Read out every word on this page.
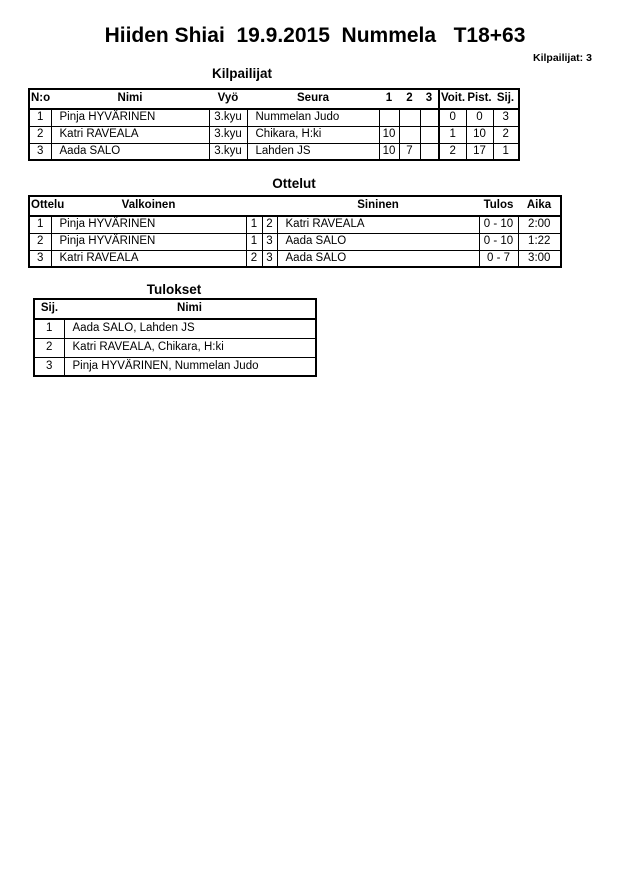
Hiiden Shiai  19.9.2015  Nummela   T18+63
Kilpailijat: 3
Kilpailijat
N:o	Nimi	Vyö	Seura	1	2	3	Voit.	Pist.	Sij.
1	Pinja HYVÄRINEN	3.kyu	Nummelan Judo				0	0	3
2	Katri RAVEALA	3.kyu	Chikara, H:ki	10			1	10	2
3	Aada SALO	3.kyu	Lahden JS	10	7		2	17	1
Ottelut
Ottelu	Valkoinen			Sininen	Tulos	Aika
1	Pinja HYVÄRINEN	1	2	Katri RAVEALA	0 - 10	2:00
2	Pinja HYVÄRINEN	1	3	Aada SALO	0 - 10	1:22
3	Katri RAVEALA	2	3	Aada SALO	0 - 7	3:00
Tulokset
Sij.	Nimi
1	Aada SALO, Lahden JS
2	Katri RAVEALA, Chikara, H:ki
3	Pinja HYVÄRINEN, Nummelan Judo
